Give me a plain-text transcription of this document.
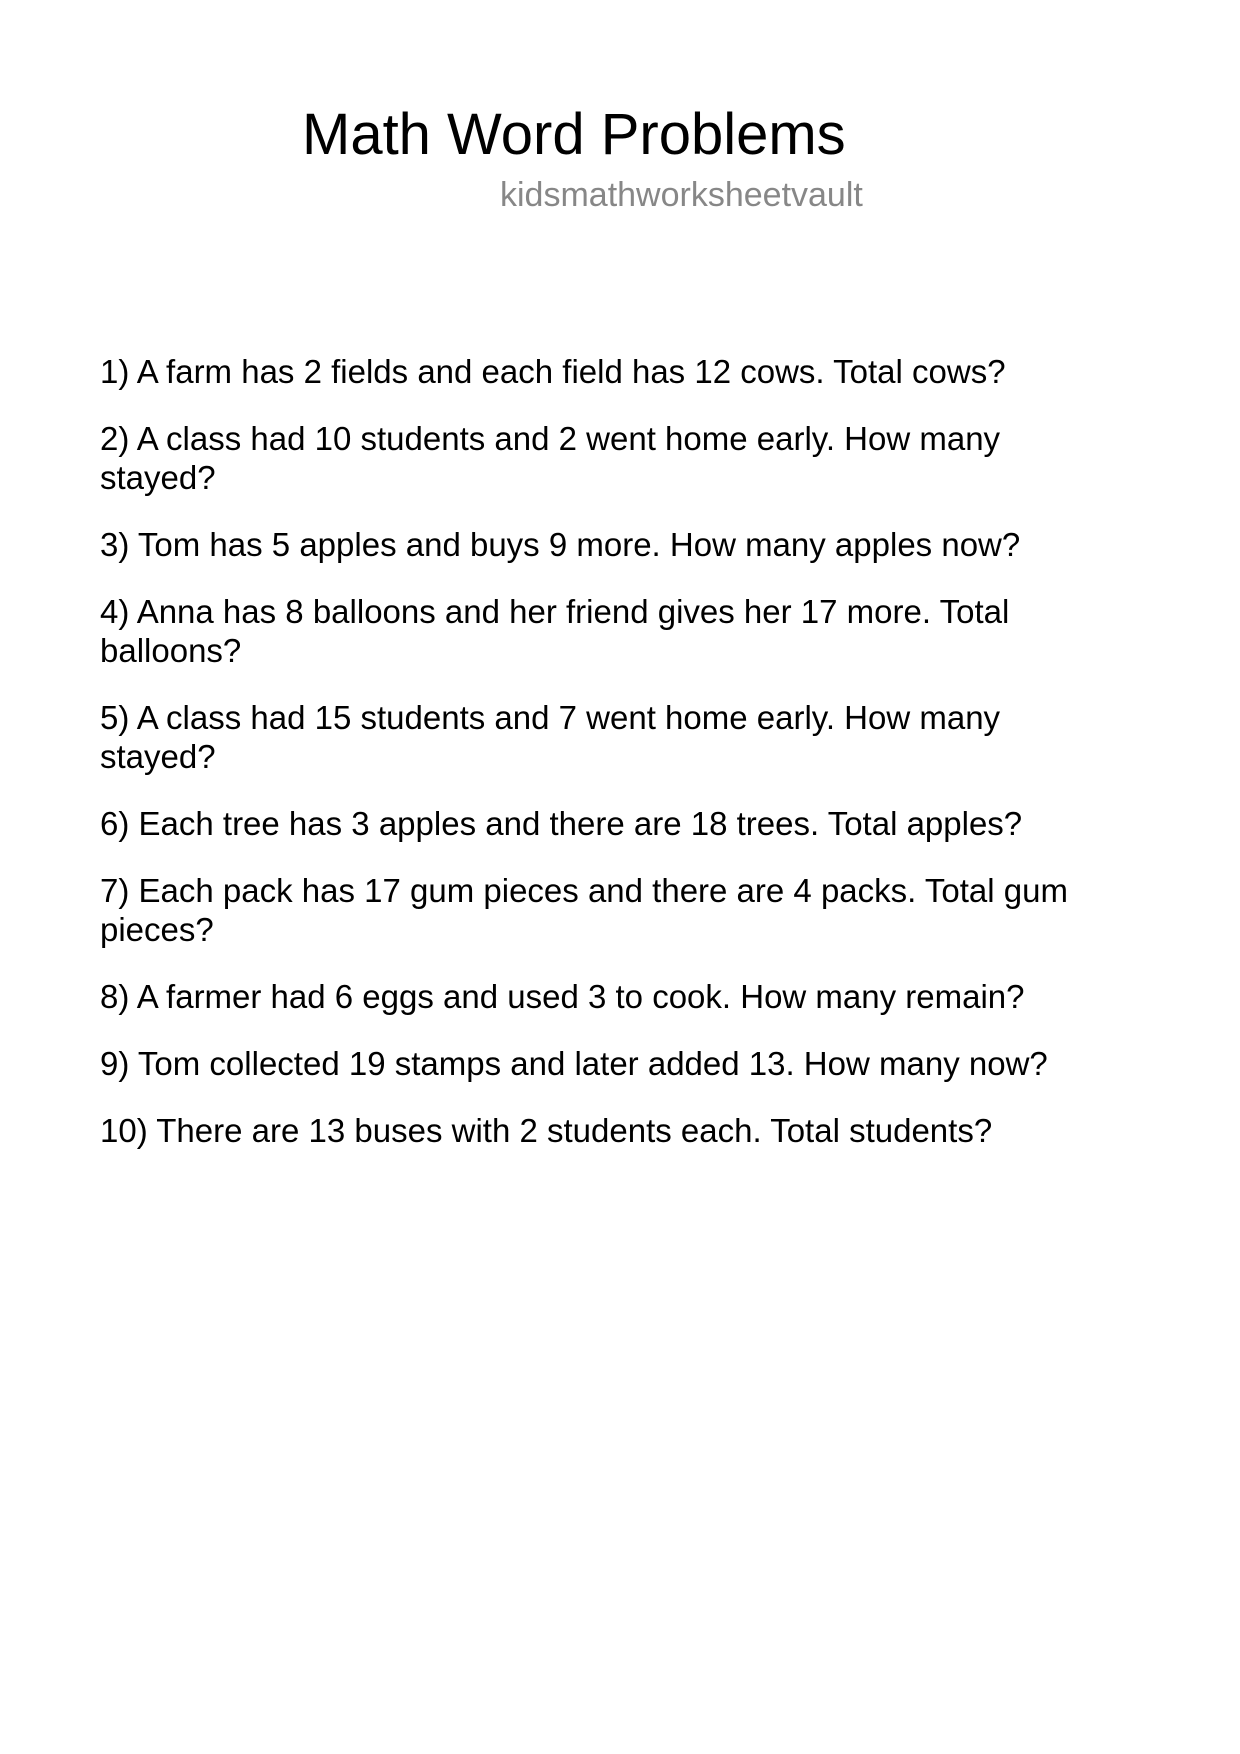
Math Word Problems
kidsmathworksheetvault
1) A farm has 2 fields and each field has 12 cows. Total cows?
2) A class had 10 students and 2 went home early. How many
stayed?
3) Tom has 5 apples and buys 9 more. How many apples now?
4) Anna has 8 balloons and her friend gives her 17 more. Total
balloons?
5) A class had 15 students and 7 went home early. How many
stayed?
6) Each tree has 3 apples and there are 18 trees. Total apples?
7) Each pack has 17 gum pieces and there are 4 packs. Total gum
pieces?
8) A farmer had 6 eggs and used 3 to cook. How many remain?
9) Tom collected 19 stamps and later added 13. How many now?
10) There are 13 buses with 2 students each. Total students?
